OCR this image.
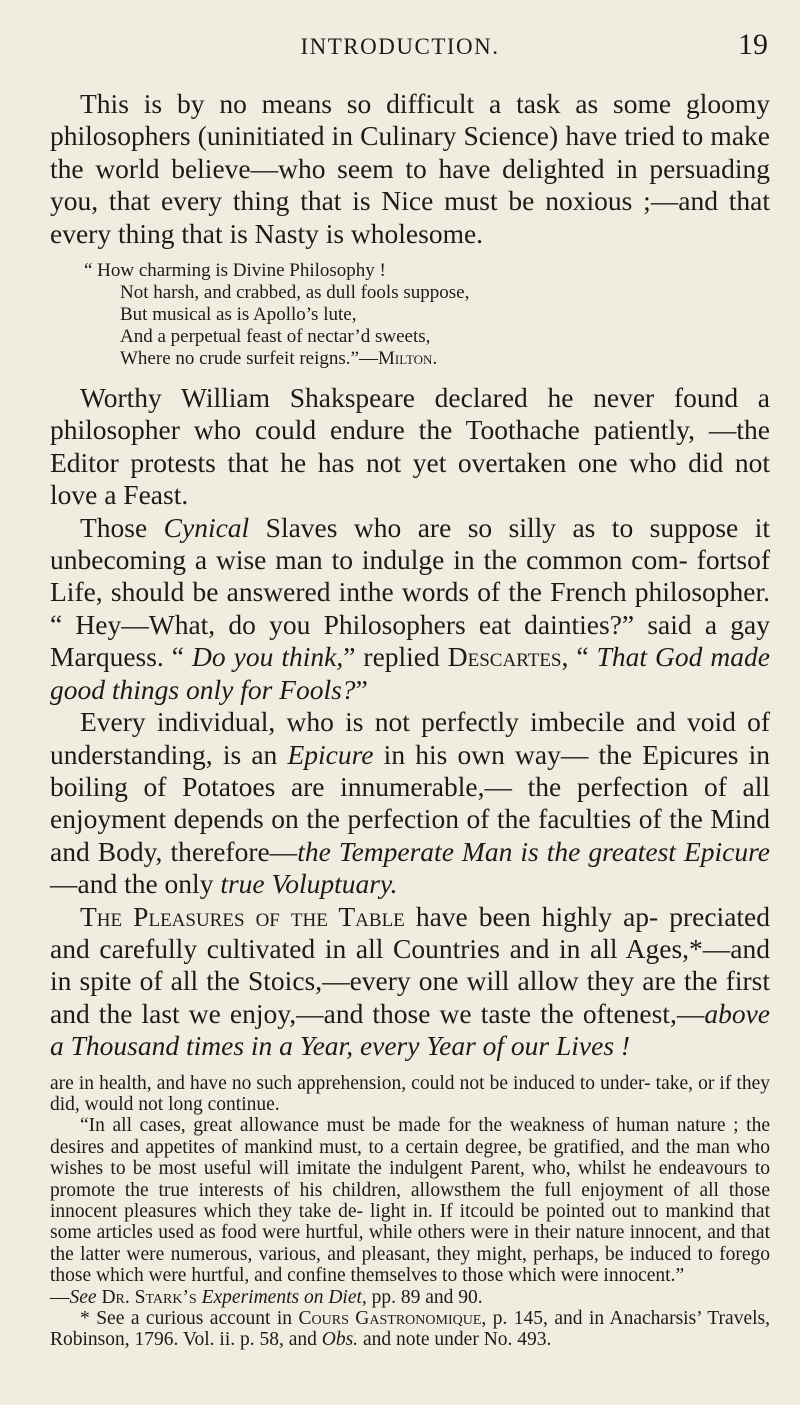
INTRODUCTION.	19

This is by no means so difficult a task as some gloomy philosophers (uninitiated in Culinary Science) have tried to make the world believe—who seem to have delighted in persuading you, that every thing that is Nice must be noxious ;—and that every thing that is Nasty is wholesome.

“ How charming is Divine Philosophy !
Not harsh, and crabbed, as dull fools suppose,
But musical as is Apollo’s lute,
And a perpetual feast of nectar’d sweets,
Where no crude surfeit reigns.”—Milton.

Worthy William Shakspeare declared he never found a philosopher who could endure the Toothache patiently, —the Editor protests that he has not yet overtaken one who did not love a Feast.

Those Cynical Slaves who are so silly as to suppose it unbecoming a wise man to indulge in the common com- fortsof Life, should be answered inthe words of the French philosopher. “ Hey—What, do you Philosophers eat dainties?” said a gay Marquess. “ Do you think,” replied Descartes, “ That God made good things only for Fools?”

Every individual, who is not perfectly imbecile and void of understanding, is an Epicure in his own way— the Epicures in boiling of Potatoes are innumerable,— the perfection of all enjoyment depends on the perfection of the faculties of the Mind and Body, therefore—the Temperate Man is the greatest Epicure—and the only true Voluptuary.

The Pleasures of the Table have been highly ap- preciated and carefully cultivated in all Countries and in all Ages,*—and in spite of all the Stoics,—every one will allow they are the first and the last we enjoy,—and those we taste the oftenest,—above a Thousand times in a Year, every Year of our Lives !

are in health, and have no such apprehension, could not be induced to under- take, or if they did, would not long continue.

“In all cases, great allowance must be made for the weakness of human nature ; the desires and appetites of mankind must, to a certain degree, be gratified, and the man who wishes to be most useful will imitate the indulgent Parent, who, whilst he endeavours to promote the true interests of his children, allowsthem the full enjoyment of all those innocent pleasures which they take de- light in. If itcould be pointed out to mankind that some articles used as food were hurtful, while others were in their nature innocent, and that the latter were numerous, various, and pleasant, they might, perhaps, be induced to forego those which were hurtful, and confine themselves to those which were innocent.”

—See Dr. Stark’s Experiments on Diet, pp. 89 and 90.

* See a curious account in Cours Gastronomique, p. 145, and in Anacharsis’ Travels, Robinson, 1796. Vol. ii. p. 58, and Obs. and note under No. 493.
